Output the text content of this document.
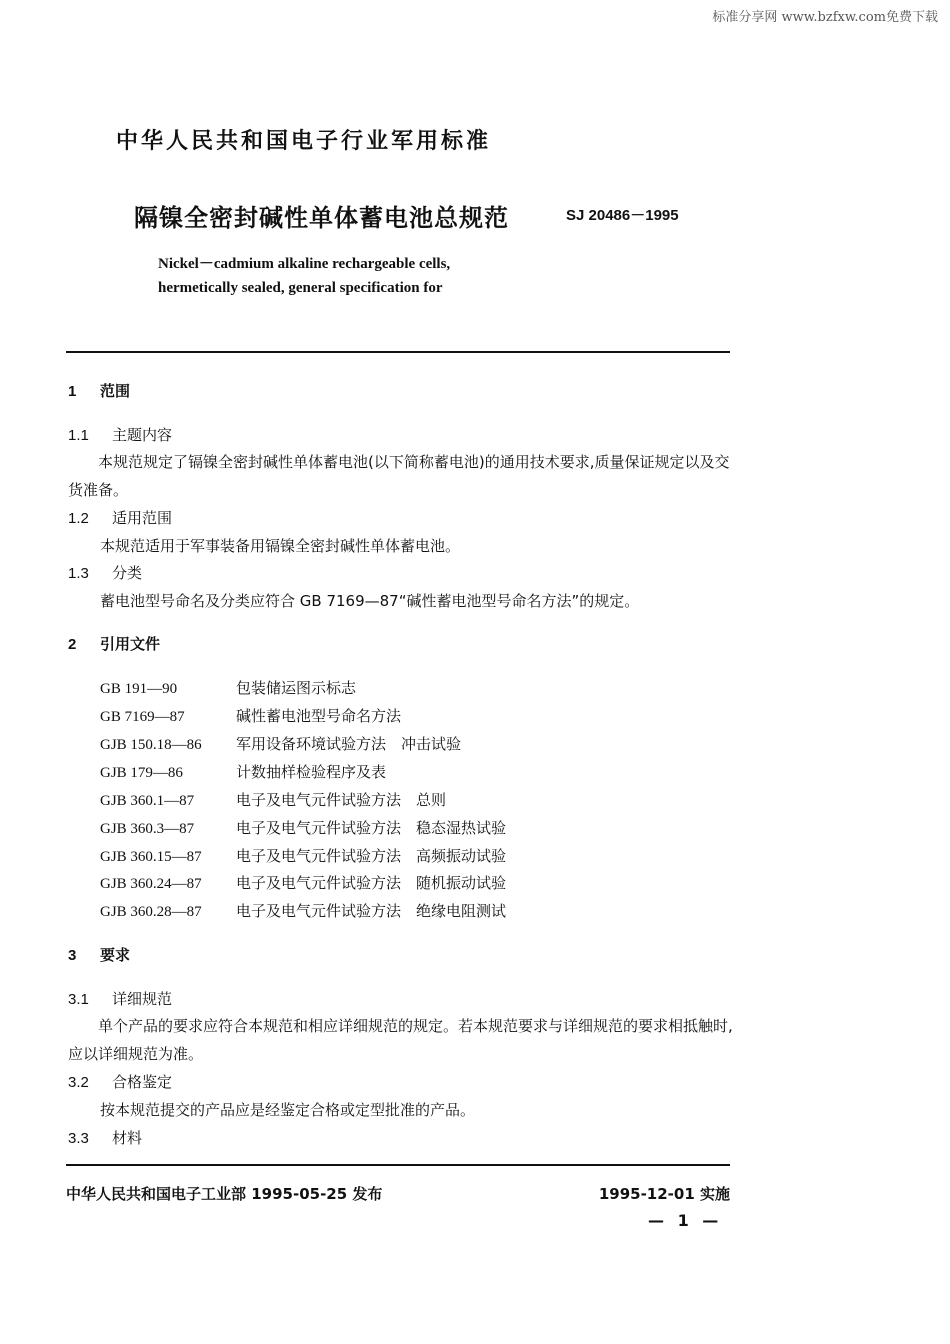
标准分享网 www.bzfxw.com免费下载
中华人民共和国电子行业军用标准
隔镍全密封碱性单体蓄电池总规范	SJ 20486－1995
Nickel－cadmium alkaline rechargeable cells,
hermetically sealed, general specification for
1 范围
1.1 主题内容
本规范规定了镉镍全密封碱性单体蓄电池(以下简称蓄电池)的通用技术要求,质量保证规定以及交货准备。
1.2 适用范围
本规范适用于军事装备用镉镍全密封碱性单体蓄电池。
1.3 分类
蓄电池型号命名及分类应符合 GB 7169—87“碱性蓄电池型号命名方法”的规定。
2 引用文件
GB 191—90	包装储运图示标志
GB 7169—87	碱性蓄电池型号命名方法
GJB 150.18—86 军用设备环境试验方法　冲击试验
GJB 179—86	计数抽样检验程序及表
GJB 360.1—87	电子及电气元件试验方法　总则
GJB 360.3—87	电子及电气元件试验方法　稳态湿热试验
GJB 360.15—87 电子及电气元件试验方法　高频振动试验
GJB 360.24—87 电子及电气元件试验方法　随机振动试验
GJB 360.28—87 电子及电气元件试验方法　绝缘电阻测试
3 要求
3.1 详细规范
单个产品的要求应符合本规范和相应详细规范的规定。若本规范要求与详细规范的要求相抵触时,应以详细规范为准。
3.2 合格鉴定
按本规范提交的产品应是经鉴定合格或定型批准的产品。
3.3 材料
中华人民共和国电子工业部 1995-05-25 发布	1995-12-01 实施
— 1 —
